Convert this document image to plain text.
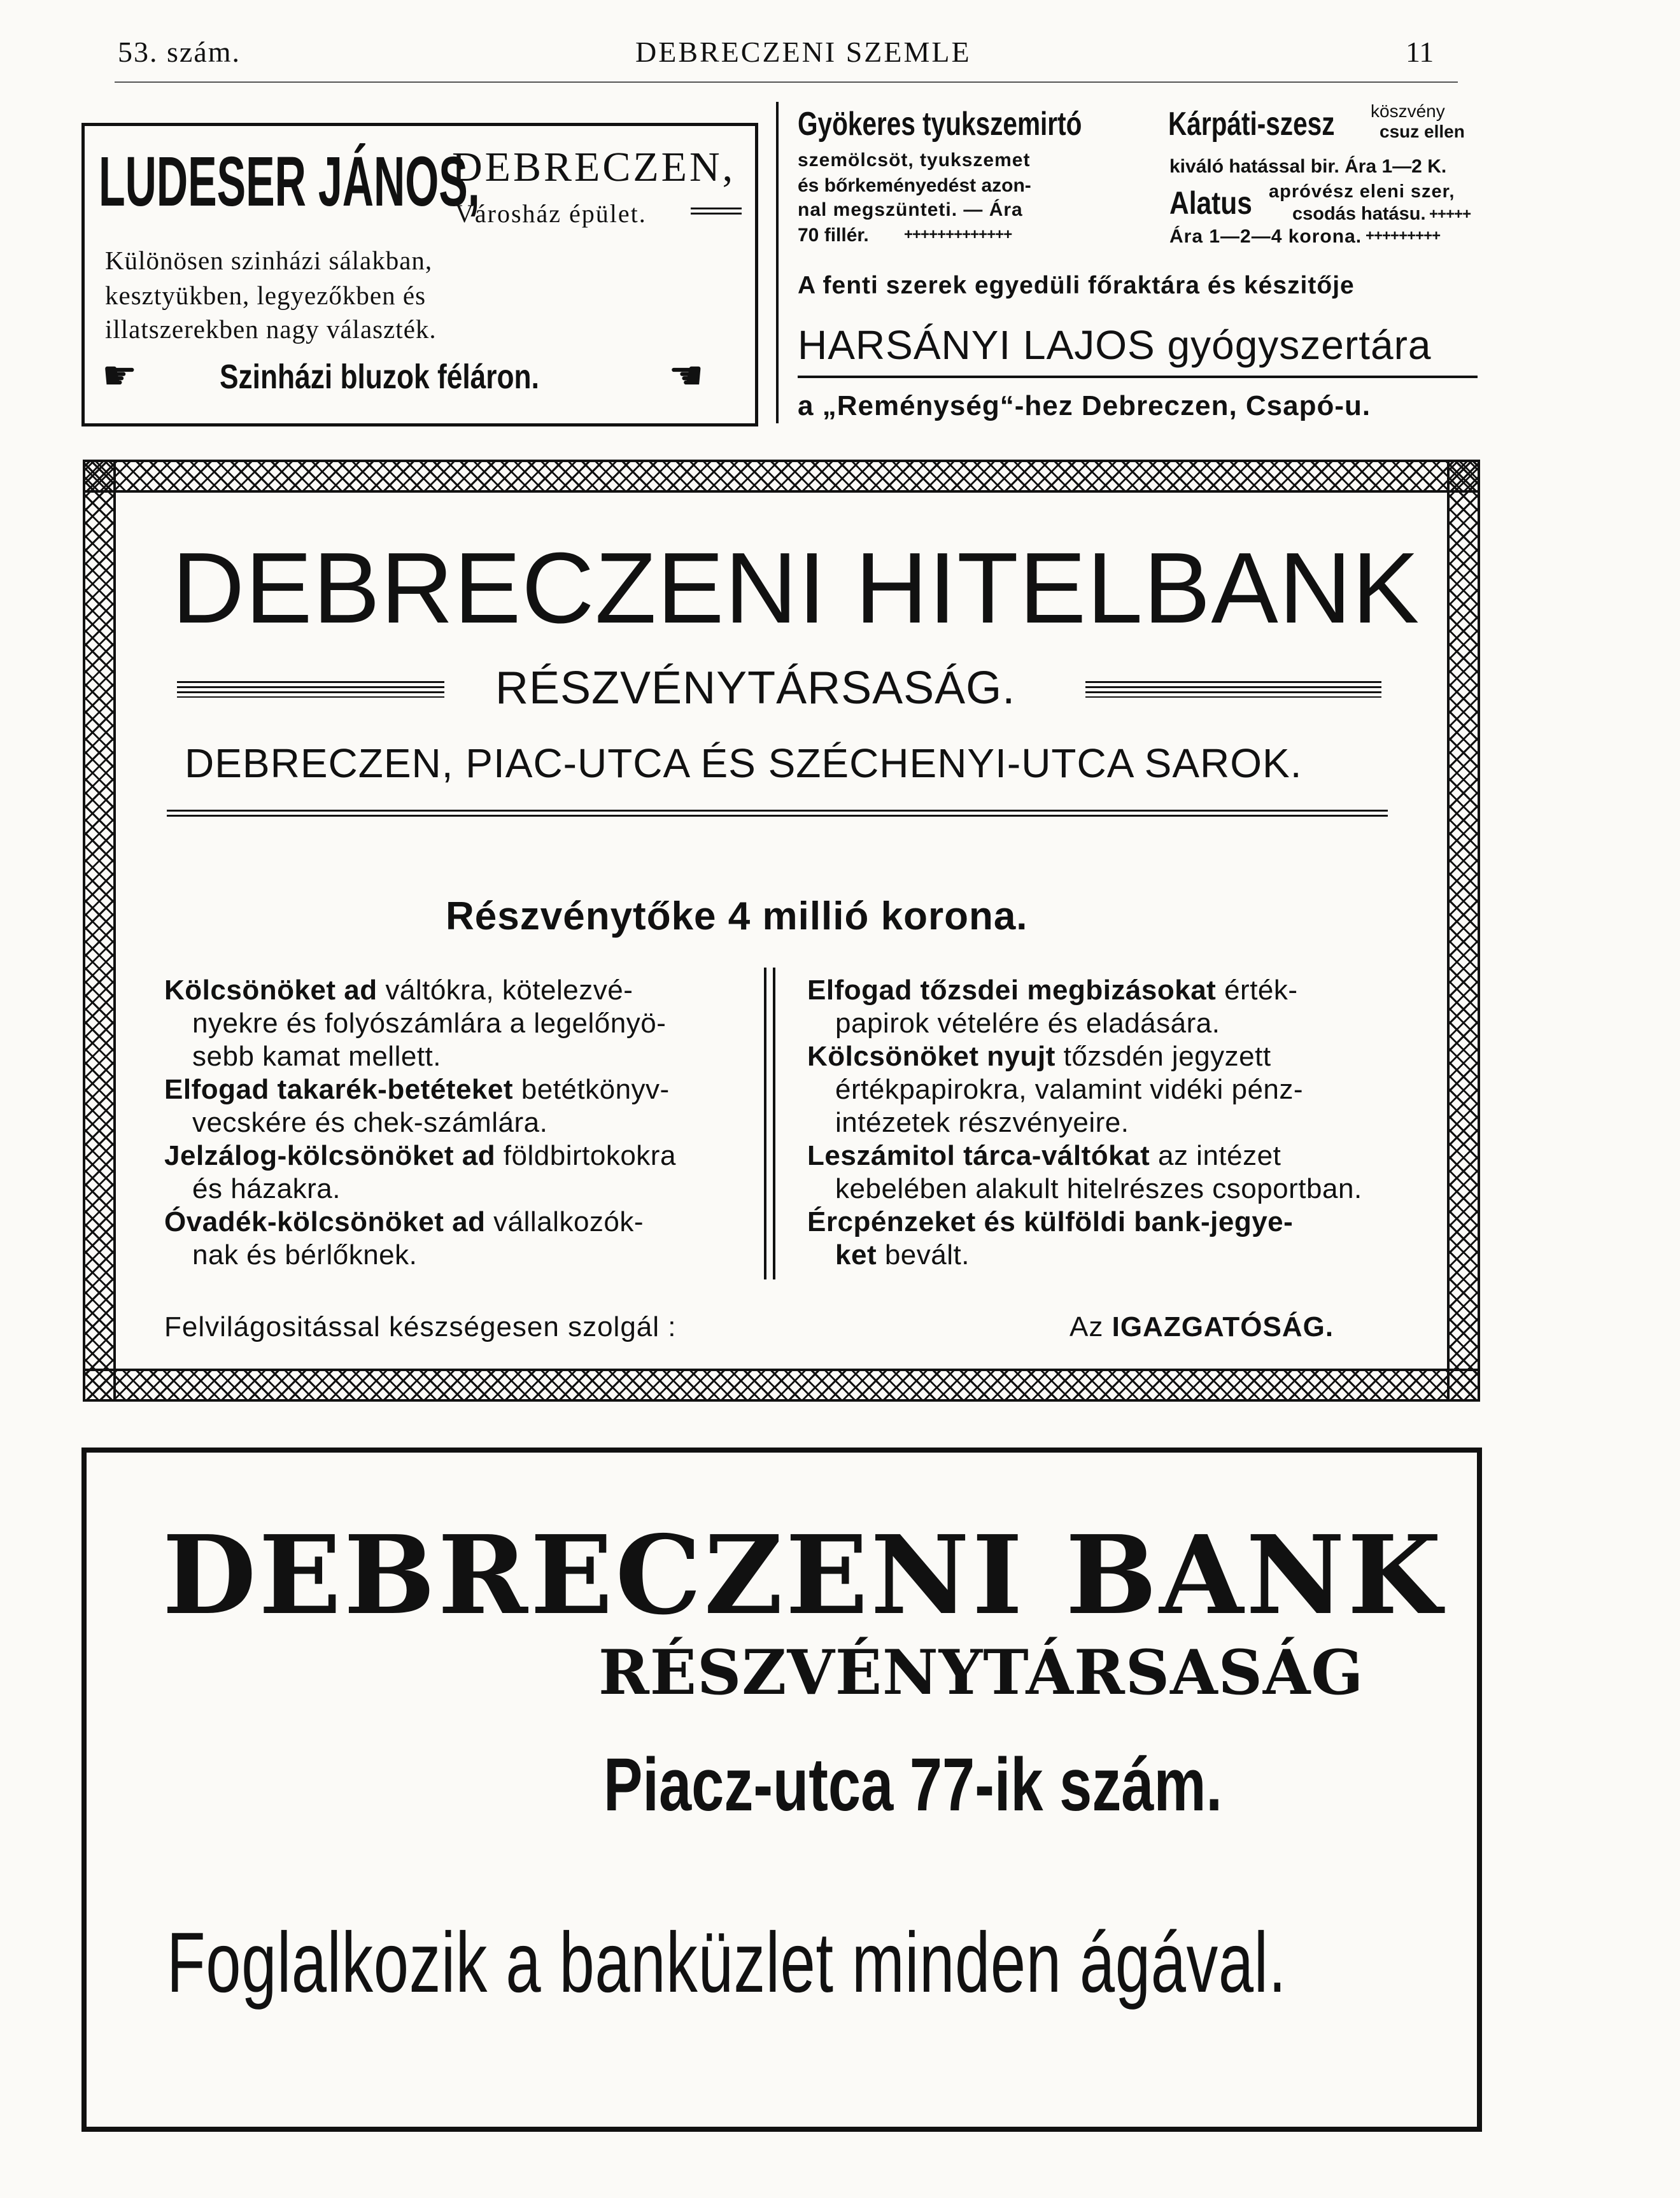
53. szám.	DEBRECZENI SZEMLE	11
LUDESER JÁNOS,
DEBRECZEN,
Városház épület.
Különösen szinházi sálakban,
kesztyükben, legyezőkben és
illatszerekben nagy választék.
☛ Szinházi bluzok féláron.	☛
Gyökeres tyukszemirtó	Kárpáti-szesz	köszvény
csuz ellen
szemölcsöt, tyukszemet
és bőrkeményedést azon-
nal megszünteti. — Ára
70 fillér. +++++++++++++
kiváló hatással bir. Ára 1—2 K.
Alatus apróvész eleni szer,
csodás hatásu. +++++
Ára 1—2—4 korona. +++++++++
A fenti szerek egyedüli főraktára és készitője
HARSÁNYI LAJOS gyógyszertára
a „Reménység“-hez Debreczen, Csapó-u.
DEBRECZENI HITELBANK
RÉSZVÉNYTÁRSASÁG.
DEBRECZEN, PIAC-UTCA ÉS SZÉCHENYI-UTCA SAROK.
Részvénytőke 4 millió korona.
Kölcsönöket ad váltókra, kötelezvé-
nyekre és folyószámlára a legelőnyö-
sebb kamat mellett.
Elfogad takarék-betéteket betétkönyv-
vecskére és chek-számlára.
Jelzálog-kölcsönöket ad földbirtokokra
és házakra.
Óvadék-kölcsönöket ad vállalkozók-
nak és bérlőknek.
Elfogad tőzsdei megbizásokat érték-
papirok vételére és eladására.
Kölcsönöket nyujt tőzsdén jegyzett
értékpapirokra, valamint vidéki pénz-
intézetek részvényeire.
Leszámitol tárca-váltókat az intézet
kebelében alakult hitelrészes csoportban.
Ércpénzeket és külföldi bank-jegye-
ket bevált.
Felvilágositással készségesen szolgál :	Az IGAZGATÓSÁG.
DEBRECZENI BANK
RÉSZVÉNYTÁRSASÁG
Piacz-utca 77-ik szám.
Foglalkozik a banküzlet minden ágával.
